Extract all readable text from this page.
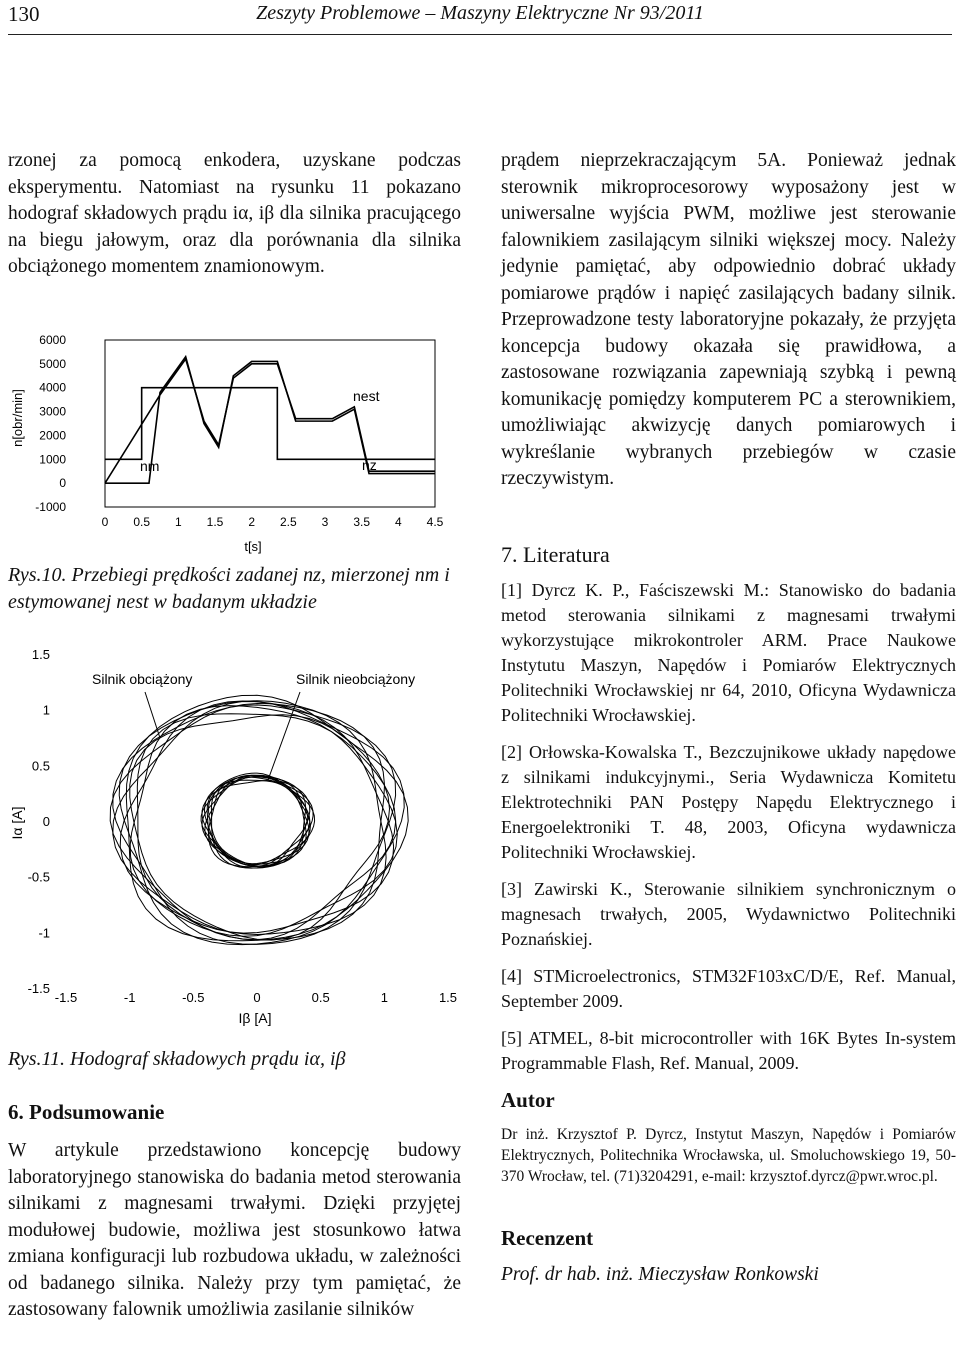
130	Zeszyty Problemowe – Maszyny Elektryczne Nr 93/2011

rzonej za pomocą enkodera, uzyskane podczas eksperymentu. Natomiast na rysunku 11 pokazano hodograf składowych prądu iα, iβ dla silnika pracującego na biegu jałowym, oraz dla porównania dla silnika obciążonego momentem znamionowym.

n[obr/min]
6000
5000
4000
3000
2000
1000
0
-1000
0 0.5 1 1.5 2 2.5 3 3.5 4 4.5
t[s]
nest
nz
nm
Rys.10. Przebiegi prędkości zadanej nz, mierzonej nm i estymowanej nest w badanym układzie
Iα [A]
1.5
1
0.5
0
-0.5
-1
-1.5
-1.5	-1	-0.5	0	0.5	1	1.5
Iβ [A]
Silnik obciążony	Silnik nieobciążony
Rys.11. Hodograf składowych prądu iα, iβ
6. Podsumowanie

W artykule przedstawiono koncepcję budowy laboratoryjnego stanowiska do badania metod sterowania silnikami z magnesami trwałymi. Dzięki przyjętej modułowej budowie, możliwa jest stosunkowo łatwa zmiana konfiguracji lub rozbudowa układu, w zależności od badanego silnika. Należy przy tym pamiętać, że zastosowany falownik umożliwia zasilanie silników

prądem nieprzekraczającym 5A. Ponieważ jednak sterownik mikroprocesorowy wyposażony jest w uniwersalne wyjścia PWM, możliwe jest sterowanie falownikiem zasilającym silniki większej mocy. Należy jedynie pamiętać, aby odpowiednio dobrać układy pomiarowe prądów i napięć zasilających badany silnik. Przeprowadzone testy laboratoryjne pokazały, że przyjęta koncepcja budowy okazała się prawidłowa, a zastosowane rozwiązania zapewniają szybką i pewną komunikację pomiędzy komputerem PC a sterownikiem, umożliwiając akwizycję danych pomiarowych i wykreślanie wybranych przebiegów w czasie rzeczywistym.

7. Literatura

[1] Dyrcz K. P., Faściszewski M.: Stanowisko do badania metod sterowania silnikami z magnesami trwałymi wykorzystujące mikrokontroler ARM. Prace Naukowe Instytutu Maszyn, Napędów i Pomiarów Elektrycznych Politechniki Wrocławskiej nr 64, 2010, Oficyna Wydawnicza Politechniki Wrocławskiej.

[2] Orłowska-Kowalska T., Bezczujnikowe układy napędowe z silnikami indukcyjnymi., Seria Wydawnicza Komitetu Elektrotechniki PAN Postępy Napędu Elektrycznego i Energoelektroniki T. 48, 2003, Oficyna wydawnicza Politechniki Wrocławskiej.

[3] Zawirski K., Sterowanie silnikiem synchronicznym o magnesach trwałych, 2005, Wydawnictwo Politechniki Poznańskiej.

[4] STMicroelectronics, STM32F103xC/D/E, Ref. Manual, September 2009.

[5] ATMEL, 8-bit microcontroller with 16K Bytes In-system Programmable Flash, Ref. Manual, 2009.

Autor

Dr inż. Krzysztof P. Dyrcz, Instytut Maszyn, Napędów i Pomiarów Elektrycznych, Politechnika Wrocławska, ul. Smoluchowskiego 19, 50-370 Wrocław, tel. (71)3204291, e-mail: krzysztof.dyrcz@pwr.wroc.pl.

Recenzent

Prof. dr hab. inż. Mieczysław Ronkowski
